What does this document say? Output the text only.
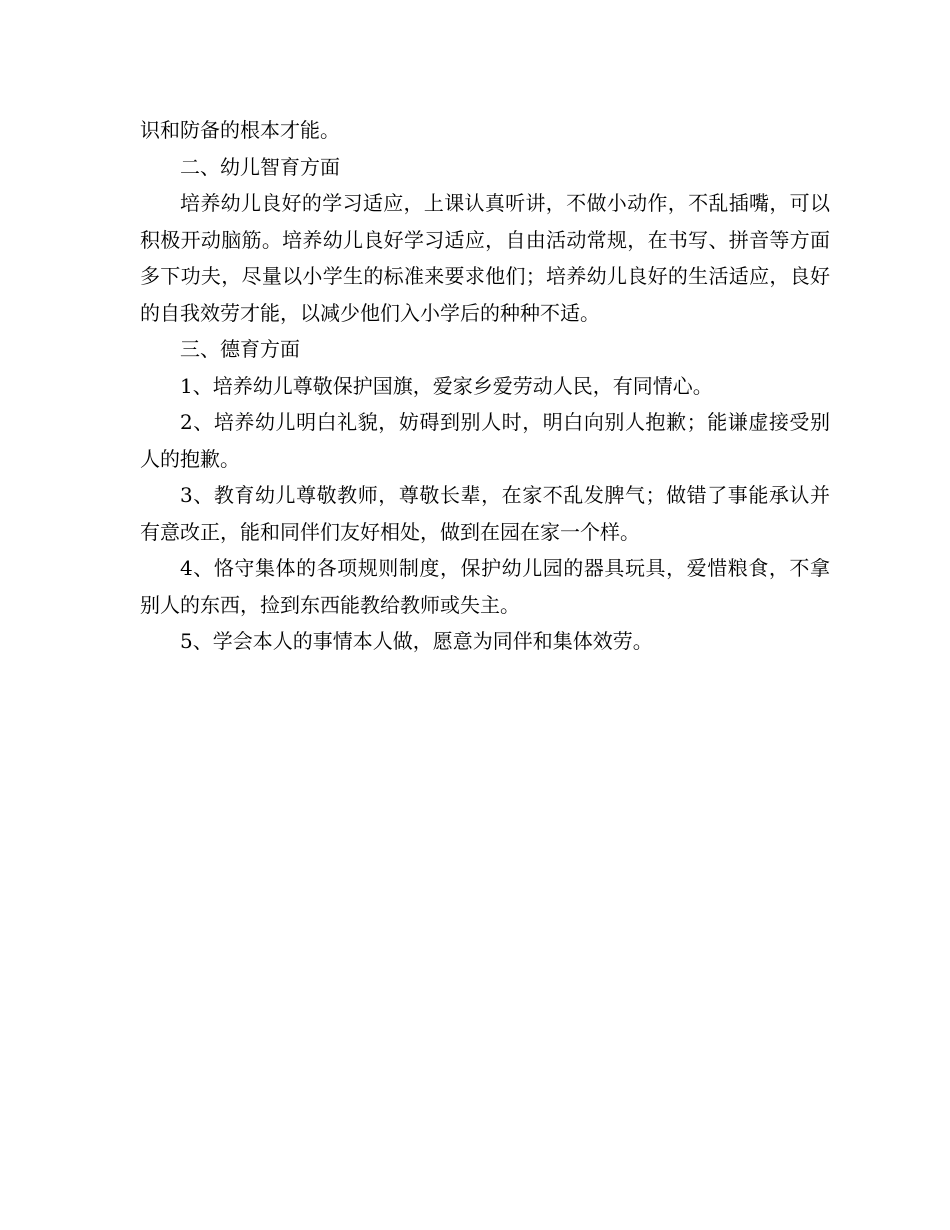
识和防备的根本才能。

二、幼儿智育方面

培养幼儿良好的学习适应，上课认真听讲，不做小动作，不乱插嘴，可以积极开动脑筋。培养幼儿良好学习适应，自由活动常规，在书写、拼音等方面多下功夫，尽量以小学生的标准来要求他们；培养幼儿良好的生活适应，良好的自我效劳才能，以减少他们入小学后的种种不适。

三、德育方面

1、培养幼儿尊敬保护国旗，爱家乡爱劳动人民，有同情心。

2、培养幼儿明白礼貌，妨碍到别人时，明白向别人抱歉；能谦虚接受别人的抱歉。

3、教育幼儿尊敬教师，尊敬长辈，在家不乱发脾气；做错了事能承认并有意改正，能和同伴们友好相处，做到在园在家一个样。

4、恪守集体的各项规则制度，保护幼儿园的器具玩具，爱惜粮食，不拿别人的东西，捡到东西能教给教师或失主。

5、学会本人的事情本人做，愿意为同伴和集体效劳。
